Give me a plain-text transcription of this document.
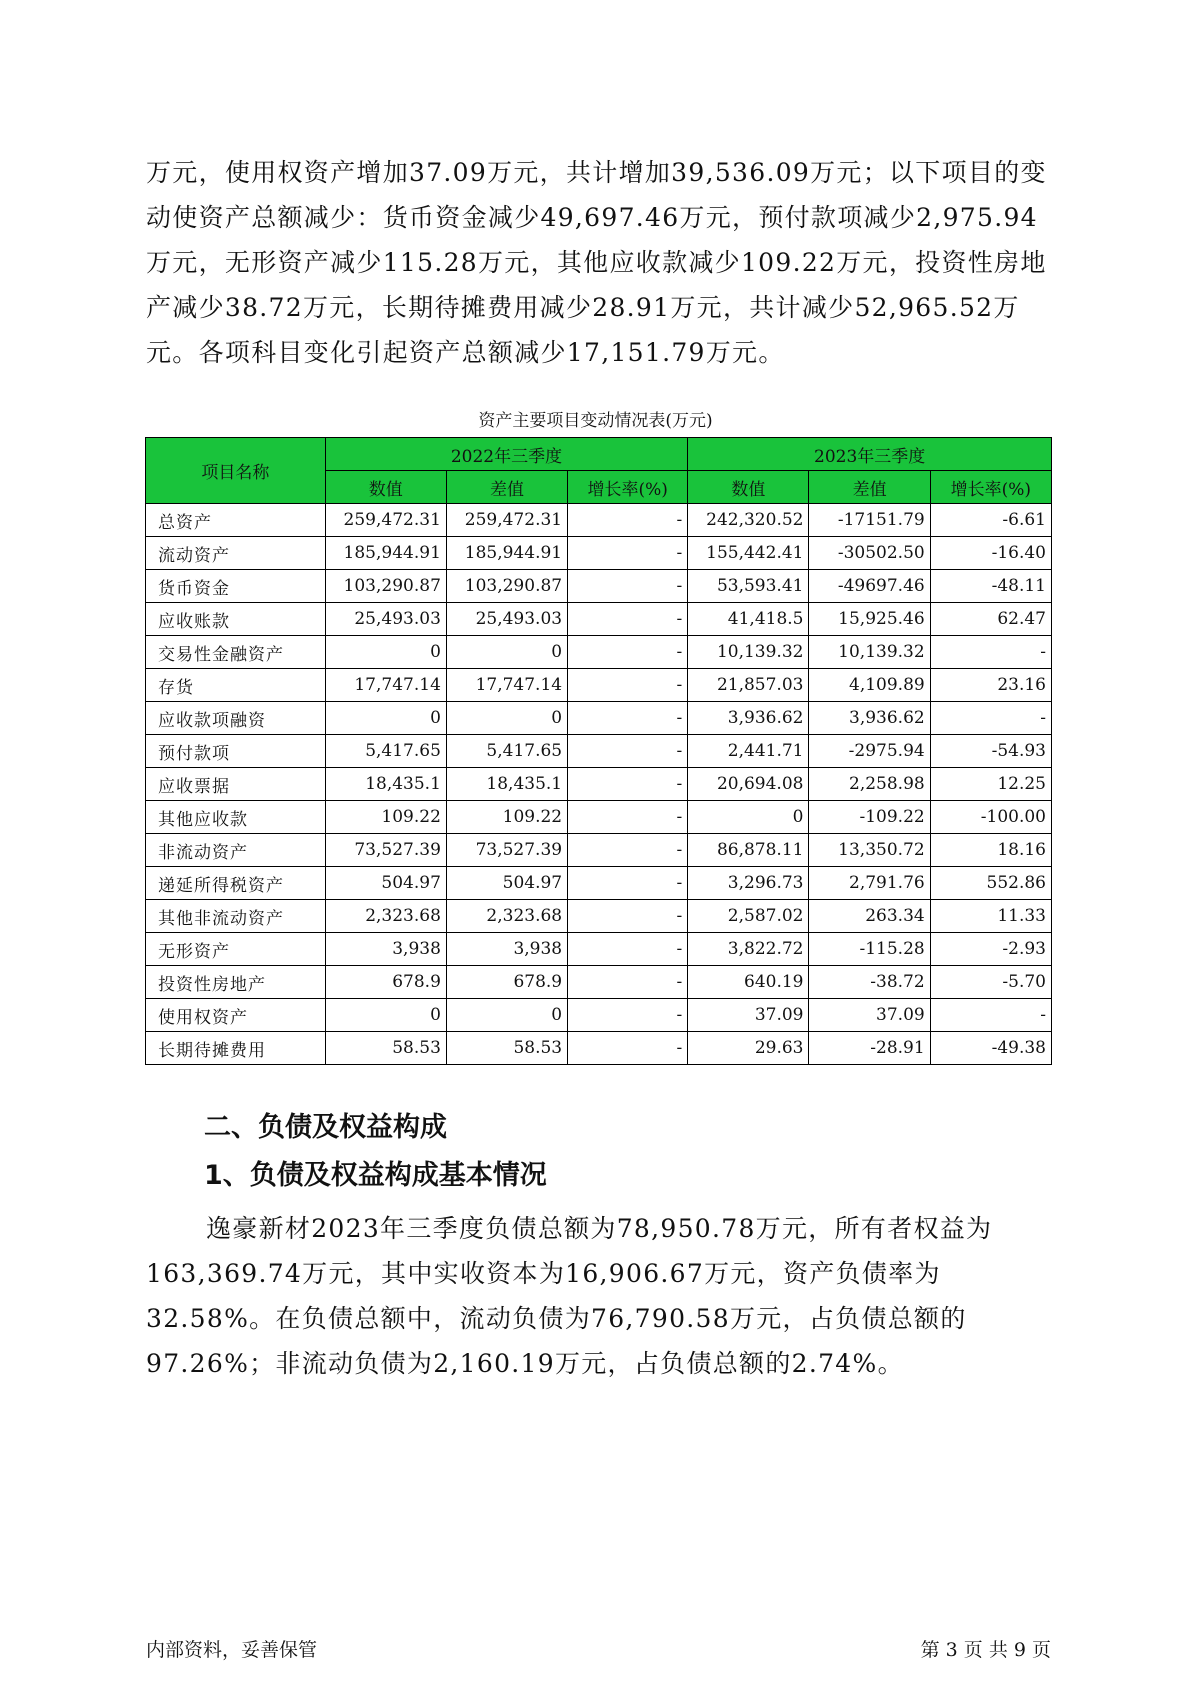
万元，使用权资产增加37.09万元，共计增加39,536.09万元；以下项目的变动使资产总额减少：货币资金减少49,697.46万元，预付款项减少2,975.94万元，无形资产减少115.28万元，其他应收款减少109.22万元，投资性房地产减少38.72万元，长期待摊费用减少28.91万元，共计减少52,965.52万元。各项科目变化引起资产总额减少17,151.79万元。

资产主要项目变动情况表(万元)
项目名称	2022年三季度			2023年三季度		
	数值	差值	增长率(%)	数值	差值	增长率(%)
总资产	259,472.31	259,472.31	-	242,320.52	-17151.79	-6.61
流动资产	185,944.91	185,944.91	-	155,442.41	-30502.50	-16.40
货币资金	103,290.87	103,290.87	-	53,593.41	-49697.46	-48.11
应收账款	25,493.03	25,493.03	-	41,418.5	15,925.46	62.47
交易性金融资产	0	0	-	10,139.32	10,139.32	-
存货	17,747.14	17,747.14	-	21,857.03	4,109.89	23.16
应收款项融资	0	0	-	3,936.62	3,936.62	-
预付款项	5,417.65	5,417.65	-	2,441.71	-2975.94	-54.93
应收票据	18,435.1	18,435.1	-	20,694.08	2,258.98	12.25
其他应收款	109.22	109.22	-	0	-109.22	-100.00
非流动资产	73,527.39	73,527.39	-	86,878.11	13,350.72	18.16
递延所得税资产	504.97	504.97	-	3,296.73	2,791.76	552.86
其他非流动资产	2,323.68	2,323.68	-	2,587.02	263.34	11.33
无形资产	3,938	3,938	-	3,822.72	-115.28	-2.93
投资性房地产	678.9	678.9	-	640.19	-38.72	-5.70
使用权资产	0	0	-	37.09	37.09	-
长期待摊费用	58.53	58.53	-	29.63	-28.91	-49.38
二、负债及权益构成
1、负债及权益构成基本情况

逸豪新材2023年三季度负债总额为78,950.78万元，所有者权益为163,369.74万元，其中实收资本为16,906.67万元，资产负债率为32.58%。在负债总额中，流动负债为76,790.58万元，占负债总额的97.26%；非流动负债为2,160.19万元，占负债总额的2.74%。

内部资料，妥善保管	第 3 页 共 9 页
